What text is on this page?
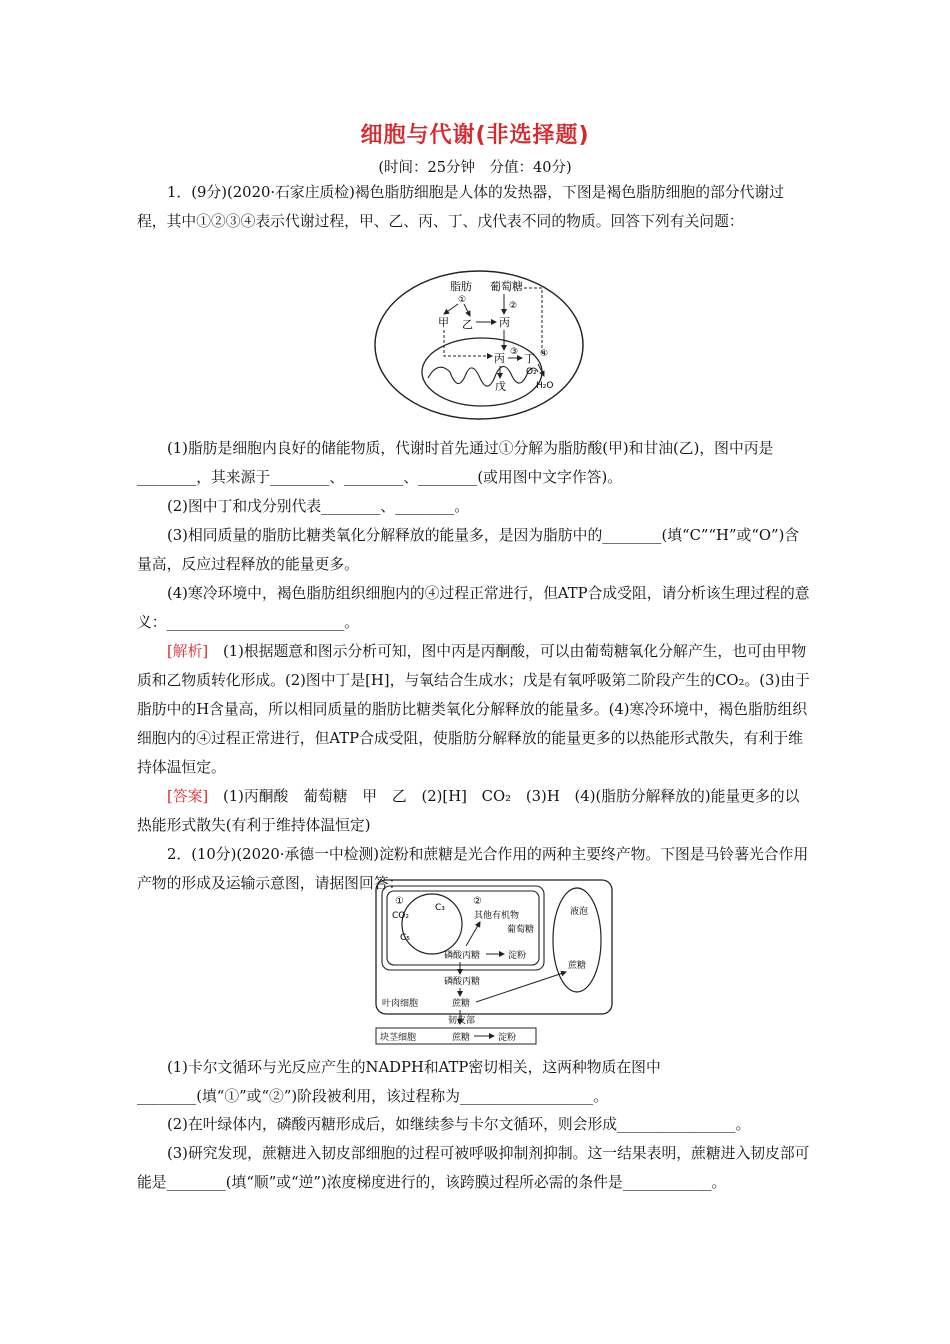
细胞与代谢(非选择题)
(时间：25分钟　分值：40分)
1．(9分)(2020·石家庄质检)褐色脂肪细胞是人体的发热器，下图是褐色脂肪细胞的部分代谢过程，其中①②③④表示代谢过程，甲、乙、丙、丁、戊代表不同的物质。回答下列有关问题：
脂肪 葡萄糖
①
甲 乙 丙
②
丙 ③ 丁
O₂
④
H₂O
戊
(1)脂肪是细胞内良好的储能物质，代谢时首先通过①分解为脂肪酸(甲)和甘油(乙)，图中丙是________，其来源于________、________、________(或用图中文字作答)。
(2)图中丁和戊分别代表________、________。
(3)相同质量的脂肪比糖类氧化分解释放的能量多，是因为脂肪中的________(填“C”“H”或“O”)含量高，反应过程释放的能量更多。
(4)寒冷环境中，褐色脂肪组织细胞内的④过程正常进行，但ATP合成受阻，请分析该生理过程的意义：________________________。
[解析]　 (1)根据题意和图示分析可知，图中丙是丙酮酸，可以由葡萄糖氧化分解产生，也可由甲物质和乙物质转化形成。(2)图中丁是[H]，与氧结合生成水；戊是有氧呼吸第二阶段产生的CO₂。(3)由于脂肪中的H含量高，所以相同质量的脂肪比糖类氧化分解释放的能量多。(4)寒冷环境中，褐色脂肪组织细胞内的④过程正常进行，但ATP合成受阻，使脂肪分解释放的能量更多的以热能形式散失，有利于维持体温恒定。
[答案]　 (1)丙酮酸　葡萄糖　甲　乙　(2)[H]　CO₂　(3)H　(4)(脂肪分解释放的)能量更多的以热能形式散失(有利于维持体温恒定)
2．(10分)(2020·承德一中检测)淀粉和蔗糖是光合作用的两种主要终产物。下图是马铃薯光合作用产物的形成及运输示意图，请据图回答：
①
CO₂
C₃
②
C₅
其他有机物
葡萄糖
磷酸丙糖	淀粉
液泡
蔗糖
磷酸丙糖
蔗糖
叶肉细胞
韧皮部
块茎细胞	蔗糖	淀粉
(1)卡尔文循环与光反应产生的NADPH和ATP密切相关，这两种物质在图中________(填“①”或“②”)阶段被利用，该过程称为__________________。
(2)在叶绿体内，磷酸丙糖形成后，如继续参与卡尔文循环，则会形成________________。
(3)研究发现，蔗糖进入韧皮部细胞的过程可被呼吸抑制剂抑制。这一结果表明，蔗糖进入韧皮部可能是________(填“顺”或“逆”)浓度梯度进行的，该跨膜过程所必需的条件是____________。
